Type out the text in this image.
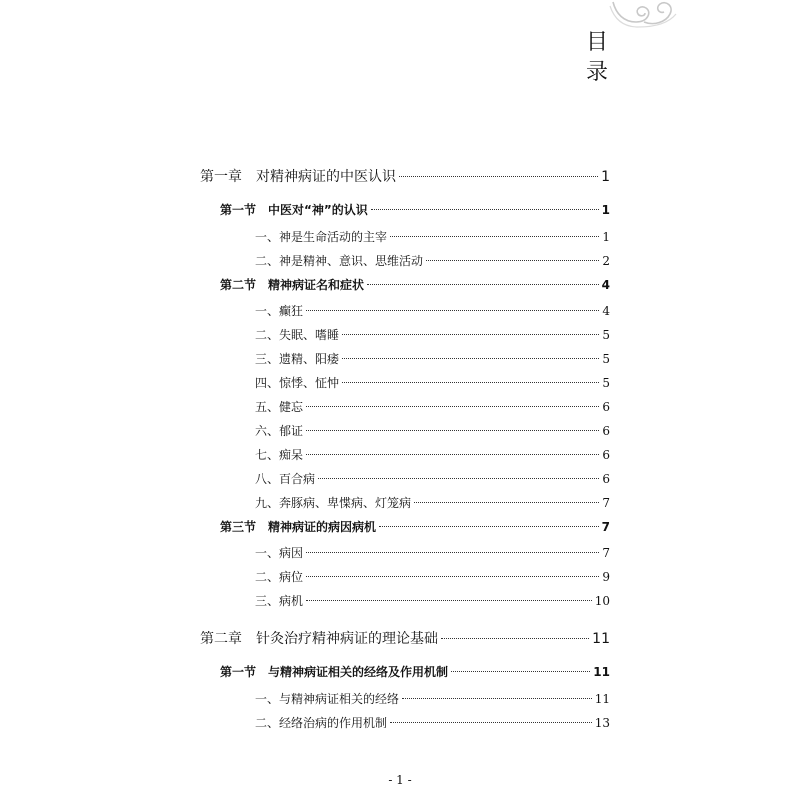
目
录
第一章　对精神病证的中医认识	1
第一节　中医对“神”的认识	1
一、神是生命活动的主宰	1
二、神是精神、意识、思维活动	2
第二节　精神病证名和症状	4
一、癫狂	4
二、失眠、嗜睡	5
三、遗精、阳痿	5
四、惊悸、怔忡	5
五、健忘	6
六、郁证	6
七、痴呆	6
八、百合病	6
九、奔豚病、卑惵病、灯笼病	7
第三节　精神病证的病因病机	7
一、病因	7
二、病位	9
三、病机	10
第二章　针灸治疗精神病证的理论基础	11
第一节　与精神病证相关的经络及作用机制	11
一、与精神病证相关的经络	11
二、经络治病的作用机制	13
- 1 -
